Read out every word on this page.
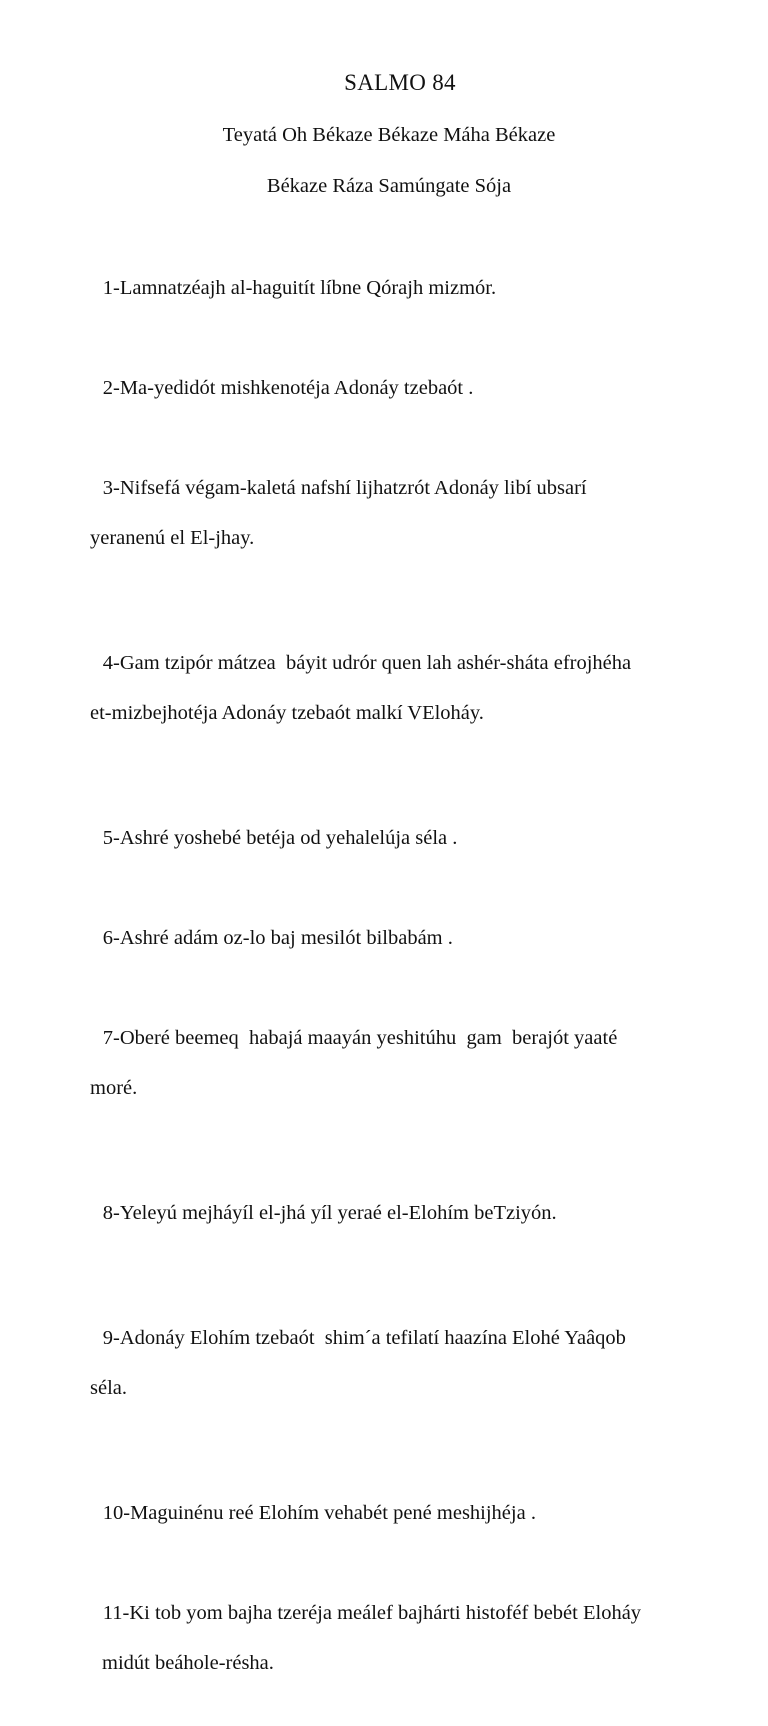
SALMO 84
Teyatá Oh Békaze Békaze Máha Békaze
Békaze Ráza Samúngate Sója

1-Lamnatzéajh al-haguitít líbne Qórajh mizmór.

2-Ma-yedidót mishkenotéja Adonáy tzebaót .

3-Nifsefá végam-kaletá nafshí lijhatzrót Adonáy libí ubsarí

yeranenú el El-jhay.

4-Gam tzipór mátzea  báyit udrór quen lah ashér-sháta efrojhéha

et-mizbejhotéja Adonáy tzebaót malkí VEloháy.

5-Ashré yoshebé betéja od yehalelúja séla .

6-Ashré adám oz-lo baj mesilót bilbabám .

7-Oberé beemeq  habajá maayán yeshitúhu  gam  berajót yaaté

moré.

8-Yeleyú mejháyíl el-jhá yíl yeraé el-Elohím beTziyón.

9-Adonáy Elohím tzebaót  shim´a tefilatí haazína Elohé Yaâqob

séla.

10-Maguinénu reé Elohím vehabét pené meshijhéja .

11-Ki tob yom bajha tzeréja meálef bajhárti histoféf bebét Eloháy

midút beáhole-résha.
